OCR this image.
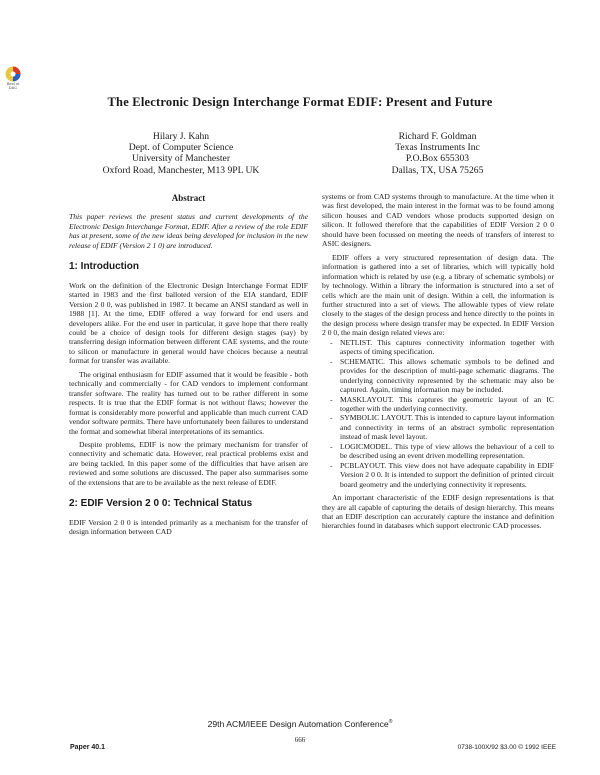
Best of DAC
The Electronic Design Interchange Format EDIF: Present and Future
Hilary J. Kahn
Dept. of Computer Science
University of Manchester
Oxford Road, Manchester, M13 9PL UK
Richard F. Goldman
Texas Instruments Inc
P.O.Box 655303
Dallas, TX, USA 75265
Abstract

This paper reviews the present status and current developments of the Electronic Design Interchange Format, EDIF. After a review of the role EDIF has at present, some of the new ideas being developed for inclusion in the new release of EDIF (Version 2 1 0) are introduced.

1: Introduction

Work on the definition of the Electronic Design Interchange Format EDIF started in 1983 and the first balloted version of the EIA standard, EDIF Version 2 0 0, was published in 1987. It became an ANSI standard as well in 1988 [1]. At the time, EDIF offered a way forward for end users and developers alike. For the end user in particular, it gave hope that there really could be a choice of design tools for different design stages (say) by transferring design information between different CAE systems, and the route to silicon or manufacture in general would have choices because a neutral format for transfer was available.

The original enthusiasm for EDIF assumed that it would be feasible - both technically and commercially - for CAD vendors to implement conformant transfer software. The reality has turned out to be rather different in some respects. It is true that the EDIF format is not without flaws; however the format is considerably more powerful and applicable than much current CAD vendor software permits. There have unfortunately been failures to understand the format and somewhat liberal interpretations of its semantics.

Despite problems, EDIF is now the primary mechanism for transfer of connectivity and schematic data. However, real practical problems exist and are being tackled. In this paper some of the difficulties that have arisen are reviewed and some solutions are discussed. The paper also summarises some of the extensions that are to be available as the next release of EDIF.

2: EDIF Version 2 0 0: Technical Status

EDIF Version 2 0 0 is intended primarily as a mechanism for the transfer of design information between CAD

systems or from CAD systems through to manufacture. At the time when it was first developed, the main interest in the format was to be found among silicon houses and CAD vendors whose products supported design on silicon. It followed therefore that the capabilities of EDIF Version 2 0 0 should have been focussed on meeting the needs of transfers of interest to ASIC designers.

EDIF offers a very structured representation of design data. The information is gathered into a set of libraries, which will typically hold information which is related by use (e.g. a library of schematic symbols) or by technology. Within a library the information is structured into a set of cells which are the main unit of design. Within a cell, the information is further structured into a set of views. The allowable types of view relate closely to the stages of the design process and hence directly to the points in the design process where design transfer may be expected. In EDIF Version 2 0 0, the main design related views are:

- NETLIST. This captures connectivity information together with aspects of timing specification.
- SCHEMATIC. This allows schematic symbols to be defined and provides for the description of multi-page schematic diagrams. The underlying connectivity represented by the schematic may also be captured. Again, timing information may be included.
- MASKLAYOUT. This captures the geometric layout of an IC together with the underlying connectivity.
- SYMBOLIC LAYOUT. This is intended to capture layout information and connectivity in terms of an abstract symbolic representation instead of mask level layout.
- LOGICMODEL. This type of view allows the behaviour of a cell to be described using an event driven modelling representation.
- PCBLAYOUT. This view does not have adequate capability in EDIF Version 2 0 0. It is intended to support the definition of printed circuit board geometry and the underlying connectivity it represents.

An important characteristic of the EDIF design representations is that they are all capable of capturing the details of design hierarchy. This means that an EDIF description can accurately capture the instance and definition hierarchies found in databases which support electronic CAD processes.

29th ACM/IEEE Design Automation Conference®
666
Paper 40.1	0738-100X/92 $3.00 © 1992 IEEE
